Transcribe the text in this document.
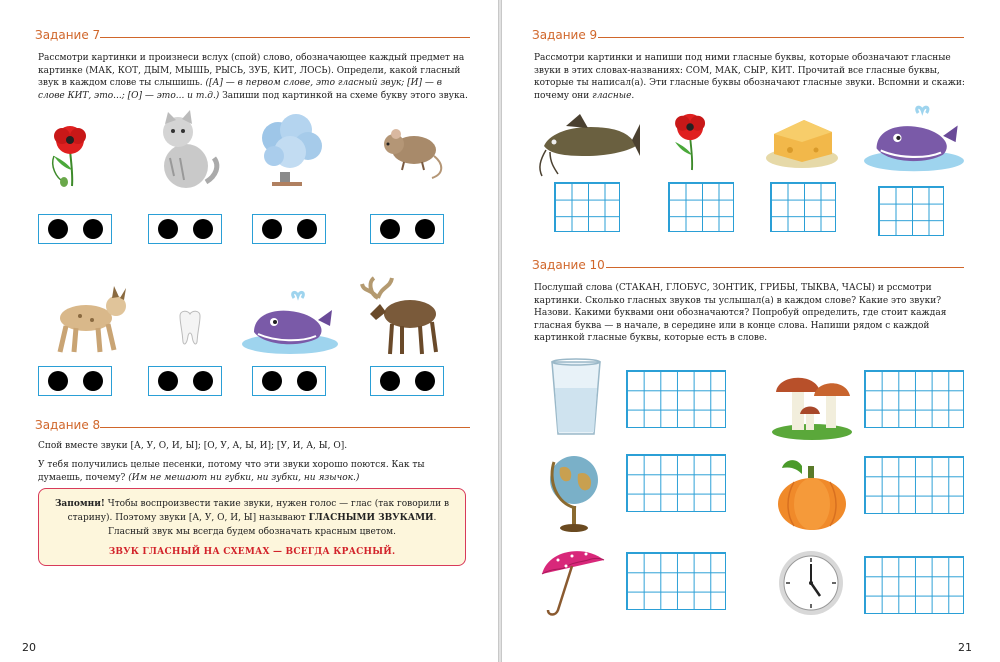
Задание 7

Рассмотри картинки и произнеси вслух (спой) слово, обозначающее каждый предмет на картинке (МАК, КОТ, ДЫМ, МЫШЬ, РЫСЬ, ЗУБ, КИТ, ЛОСЬ). Определи, какой гласный звук в каждом слове ты слышишь. ([А] — в первом слове, это гласный звук; [И] — в слове КИТ, это...; [О] — это... и т.д.) Запиши под картинкой на схеме букву этого звука.

Задание 8

Спой вместе звуки [А, У, О, И, Ы]; [О, У, А, Ы, И]; [У, И, А, Ы, О].

У тебя получились целые песенки, потому что эти звуки хорошо поются. Как ты думаешь, почему? (Им не мешают ни губки, ни зубки, ни язычок.)

Запомни! Чтобы воспроизвести такие звуки, нужен голос — глас (так говорили в старину). Поэтому звуки [А, У, О, И, Ы] называют ГЛАСНЫМИ ЗВУКАМИ.
Гласный звук мы всегда будем обозначать красным цветом.
ЗВУК ГЛАСНЫЙ НА СХЕМАХ — ВСЕГДА КРАСНЫЙ.
20
Задание 9

Рассмотри картинки и напиши под ними гласные буквы, которые обозначают гласные звуки в этих словах-названиях: СОМ, МАК, СЫР, КИТ. Прочитай все гласные буквы, которые ты написал(а). Эти гласные буквы обозначают гласные звуки. Вспомни и скажи: почему они гласные.

Задание 10

Послушай слова (СТАКАН, ГЛОБУС, ЗОНТИК, ГРИБЫ, ТЫКВА, ЧАСЫ) и рссмотри картинки. Сколько гласных звуков ты услышал(а) в каждом слове? Какие это звуки? Назови. Какими буквами они обозначаются? Попробуй определить, где стоит каждая гласная буква — в начале, в середине или в конце слова. Напиши рядом с каждой картинкой гласные буквы, которые есть в слове.

21
